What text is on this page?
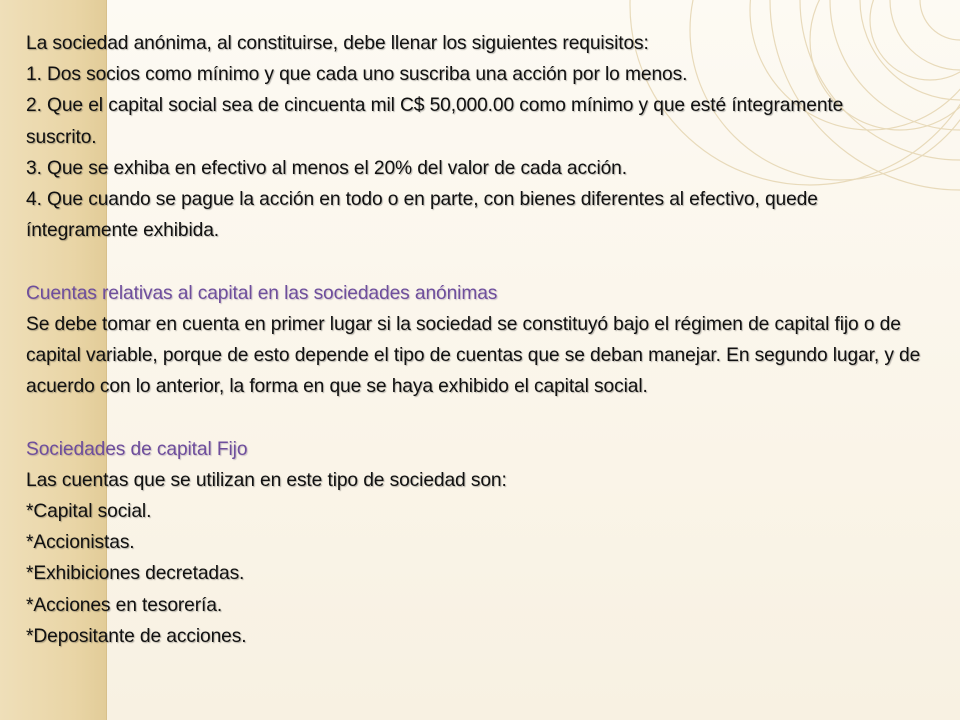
La sociedad anónima, al constituirse, debe llenar los siguientes requisitos:

1. Dos socios como mínimo y que cada uno suscriba una acción por lo menos.

2. Que el capital social sea de cincuenta mil C$ 50,000.00 como mínimo y que esté íntegramente suscrito.

3. Que se exhiba en efectivo al menos el 20% del valor de cada acción.

4. Que cuando se pague la acción en todo o en parte, con bienes diferentes al efectivo, quede íntegramente exhibida.

Cuentas relativas al capital en las sociedades anónimas

Se debe tomar en cuenta en primer lugar si la sociedad se constituyó bajo el régimen de capital fijo o de capital variable, porque de esto depende el tipo de cuentas que se deban manejar. En segundo lugar, y de acuerdo con lo anterior, la forma en que se haya exhibido el capital social.

Sociedades de capital Fijo

Las cuentas que se utilizan en este tipo de sociedad son:

*Capital social.

*Accionistas.

*Exhibiciones decretadas.

*Acciones en tesorería.

*Depositante de acciones.
